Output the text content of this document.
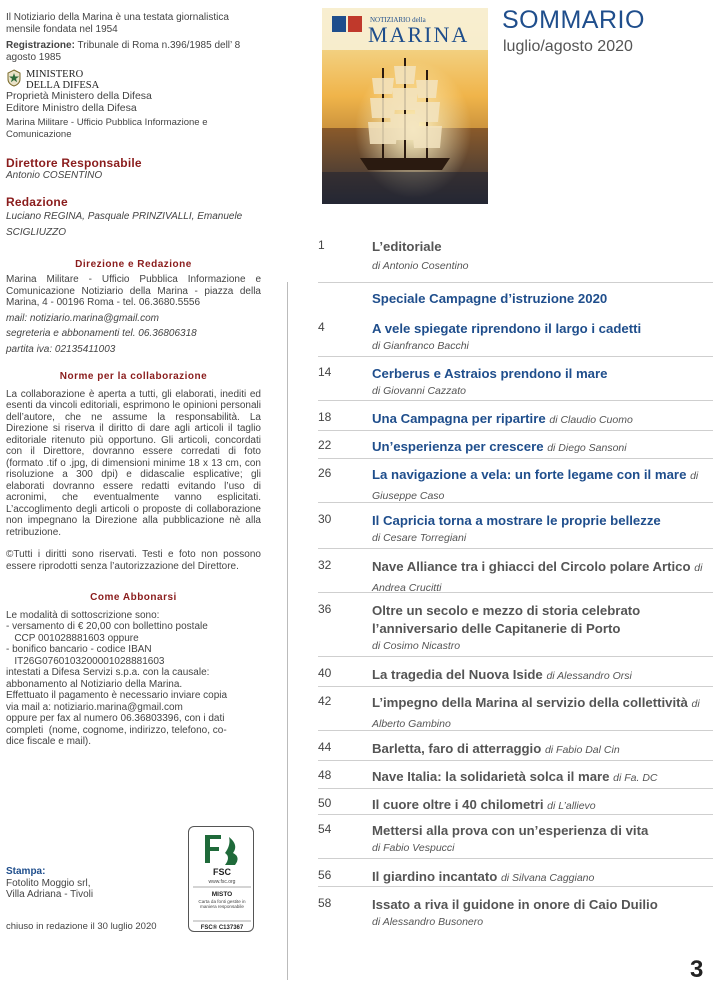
Il Notiziario della Marina è una testata giornalistica mensile fondata nel 1954

Registrazione: Tribunale di Roma n.396/1985 dell’ 8 agosto 1985

MINISTERO
DELLA DIFESA

Proprietà Ministero della Difesa

Editore Ministro della Difesa

Marina Militare - Ufficio Pubblica Informazione e Comunicazione

Direttore Responsabile

Antonio COSENTINO

Redazione

Luciano REGINA, Pasquale PRINZIVALLI, Emanuele SCIGLIUZZO

Direzione e Redazione

Marina Militare - Ufficio Pubblica Informazione e Comunicazione Notiziario della Marina - piazza della Marina, 4 - 00196 Roma - tel. 06.3680.5556

mail: notiziario.marina@gmail.com

segreteria e abbonamenti tel. 06.36806318

partita iva: 02135411003

Norme per la collaborazione

La collaborazione è aperta a tutti, gli elaborati, inediti ed esenti da vincoli editoriali, esprimono le opinioni personali dell’autore, che ne assume la responsabilità. La Direzione si riserva il diritto di dare agli articoli il taglio editoriale ritenuto più opportuno. Gli articoli, concordati con il Direttore, dovranno essere corredati di foto (formato .tif o .jpg, di dimensioni minime 18 x 13 cm, con risoluzione a 300 dpi) e didascalie esplicative; gli elaborati dovranno essere redatti evitando l’uso di acronimi, che eventualmente vanno esplicitati. L’accoglimento degli articoli o proposte di collaborazione non impegnano la Direzione alla pubblicazione nè alla retribuzione.

©Tutti i diritti sono riservati. Testi e foto non possono essere riprodotti senza l’autorizzazione del Direttore.

Come Abbonarsi

Le modalità di sottoscrizione sono:
- versamento di € 20,00 con bollettino postale
CCP 001028881603 oppure
- bonifico bancario - codice IBAN
IT26G0760103200001028881603
intestati a Difesa Servizi s.p.a. con la causale:
abbonamento al Notiziario della Marina.
Effettuato il pagamento è necessario inviare copia
via mail a: notiziario.marina@gmail.com
oppure per fax al numero 06.36803396, con i dati
completi  (nome, cognome, indirizzo, telefono, co-
dice fiscale e mail).
NOTIZIARIO della
MARINA
SOMMARIO
luglio/agosto 2020
1	L’editoriale
di Antonio Cosentino
Speciale Campagne d’istruzione 2020
4	A vele spiegate riprendono il largo i cadetti
di Gianfranco Bacchi
14	Cerberus e Astraios prendono il mare
di Giovanni Cazzato
18	Una Campagna per ripartire di Claudio Cuomo
22	Un’esperienza per crescere di Diego Sansoni
26	La navigazione a vela: un forte legame con il mare di Giuseppe Caso
30	Il Capricia torna a mostrare le proprie bellezze
di Cesare Torregiani
32	Nave Alliance tra i ghiacci del Circolo polare Artico di Andrea Crucitti
36	Oltre un secolo e mezzo di storia celebrato l’anniversario delle Capitanerie di Porto
di Cosimo Nicastro
40	La tragedia del Nuova Iside di Alessandro Orsi
42	L’impegno della Marina al servizio della collettività di Alberto Gambino
44	Barletta, faro di atterraggio di Fabio Dal Cin
48	Nave Italia: la solidarietà solca il mare di Fa. DC
50	Il cuore oltre i 40 chilometri di L’allievo
54	Mettersi alla prova con un’esperienza di vita
di Fabio Vespucci
56	Il giardino incantato di Silvana Caggiano
58	Issato a riva il guidone in onore di Caio Duilio
di Alessandro Busonero

Stampa:

Fotolito Moggio srl,

Villa Adriana - Tivoli

chiuso in redazione il 30 luglio 2020
FSC
www.fsc.org
MISTO
Carta da fonti gestite in maniera responsabile
FSC® C137367
3
